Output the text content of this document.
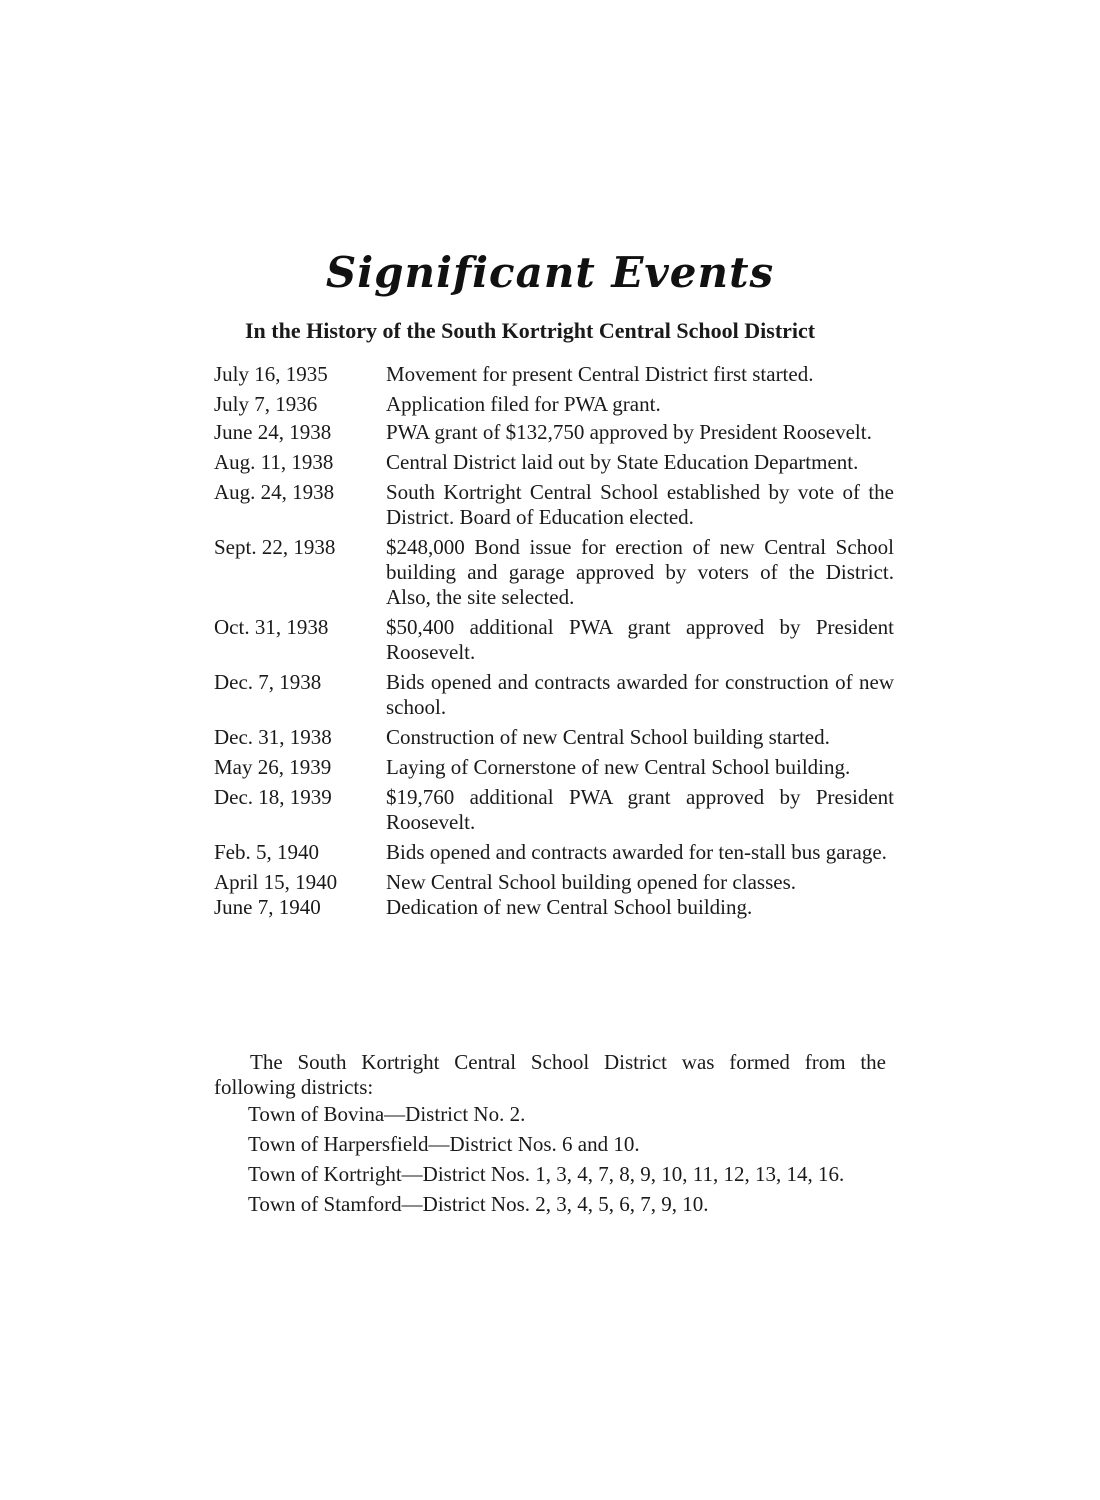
Significant Events
In the History of the South Kortright Central School District
July 16, 1935	Movement for present Central District first started.
July 7, 1936	Application filed for PWA grant.
June 24, 1938	PWA grant of $132,750 approved by President Roosevelt.
Aug. 11, 1938	Central District laid out by State Education Department.
Aug. 24, 1938	South Kortright Central School established by vote of the District. Board of Education elected.
Sept. 22, 1938	$248,000 Bond issue for erection of new Central School building and garage approved by voters of the District. Also, the site selected.
Oct. 31, 1938	$50,400 additional PWA grant approved by President Roosevelt.
Dec. 7, 1938	Bids opened and contracts awarded for construction of new school.
Dec. 31, 1938	Construction of new Central School building started.
May 26, 1939	Laying of Cornerstone of new Central School building.
Dec. 18, 1939	$19,760 additional PWA grant approved by President Roosevelt.
Feb. 5, 1940	Bids opened and contracts awarded for ten-stall bus garage.
April 15, 1940	New Central School building opened for classes.
June 7, 1940	Dedication of new Central School building.
The South Kortright Central School District was formed from the following districts:
Town of Bovina—District No. 2.
Town of Harpersfield—District Nos. 6 and 10.
Town of Kortright—District Nos. 1, 3, 4, 7, 8, 9, 10, 11, 12, 13, 14, 16.
Town of Stamford—District Nos. 2, 3, 4, 5, 6, 7, 9, 10.
